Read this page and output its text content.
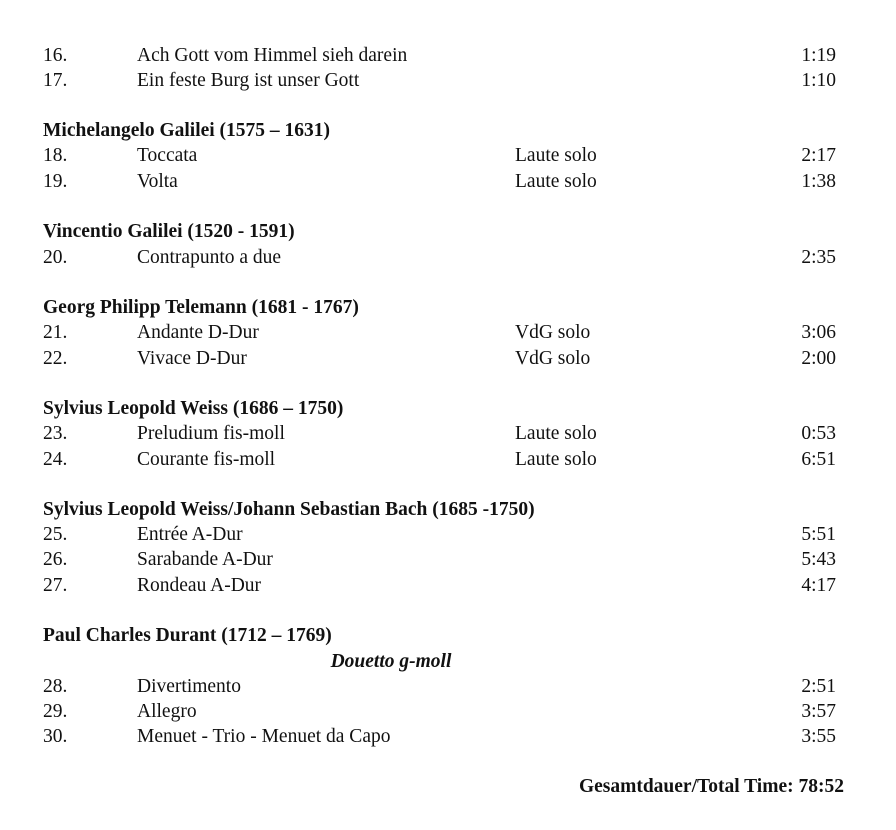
16.	Ach Gott vom Himmel sieh darein	1:19
17.	Ein feste Burg ist unser Gott	1:10
Michelangelo Galilei (1575 – 1631)
18.	Toccata	Laute solo	2:17
19.	Volta	Laute solo	1:38
Vincentio Galilei (1520 - 1591)
20.	Contrapunto a due	2:35
Georg Philipp Telemann (1681 - 1767)
21.	Andante D-Dur	VdG solo	3:06
22.	Vivace D-Dur	VdG solo	2:00
Sylvius Leopold Weiss (1686 – 1750)
23.	Preludium fis-moll	Laute solo	0:53
24.	Courante fis-moll	Laute solo	6:51
Sylvius Leopold Weiss/Johann Sebastian Bach (1685 -1750)
25.	Entrée A-Dur	5:51
26.	Sarabande A-Dur	5:43
27.	Rondeau A-Dur	4:17
Paul Charles Durant (1712 – 1769)
Douetto g-moll
28.	Divertimento	2:51
29.	Allegro	3:57
30.	Menuet - Trio - Menuet da Capo	3:55
Gesamtdauer/Total Time: 78:52
